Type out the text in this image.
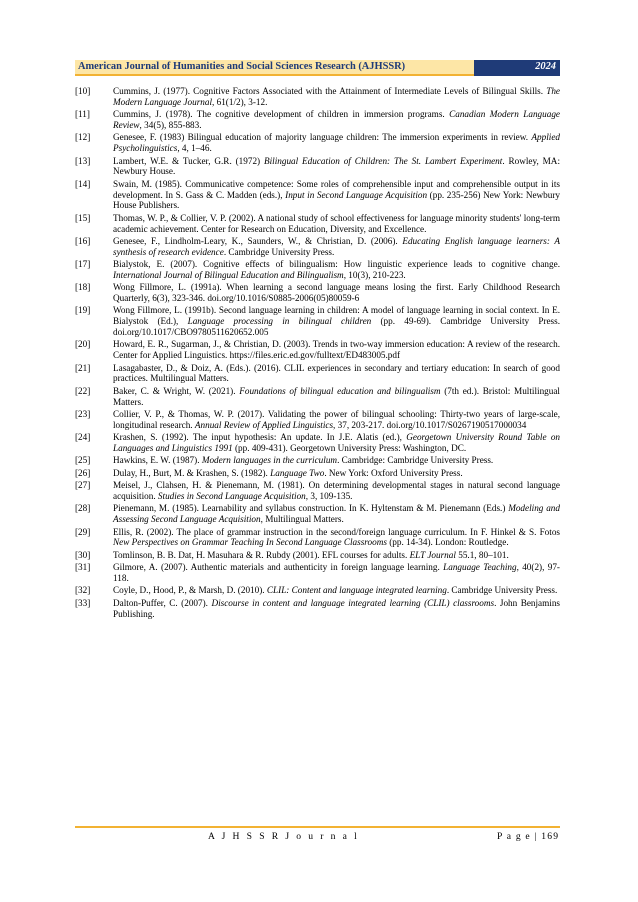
American Journal of Humanities and Social Sciences Research (AJHSSR)	2024
[10]	Cummins, J. (1977). Cognitive Factors Associated with the Attainment of Intermediate Levels of Bilingual Skills. The Modern Language Journal, 61(1/2), 3-12.
[11]	Cummins, J. (1978). The cognitive development of children in immersion programs. Canadian Modern Language Review, 34(5), 855-883.
[12]	Genesee, F. (1983) Bilingual education of majority language children: The immersion experiments in review. Applied Psycholinguistics, 4, 1–46.
[13]	Lambert, W.E. & Tucker, G.R. (1972) Bilingual Education of Children: The St. Lambert Experiment. Rowley, MA: Newbury House.
[14]	Swain, M. (1985). Communicative competence: Some roles of comprehensible input and comprehensible output in its development. In S. Gass & C. Madden (eds.), Input in Second Language Acquisition (pp. 235-256) New York: Newbury House Publishers.
[15]	Thomas, W. P., & Collier, V. P. (2002). A national study of school effectiveness for language minority students' long-term academic achievement. Center for Research on Education, Diversity, and Excellence.
[16]	Genesee, F., Lindholm-Leary, K., Saunders, W., & Christian, D. (2006). Educating English language learners: A synthesis of research evidence. Cambridge University Press.
[17]	Bialystok, E. (2007). Cognitive effects of bilingualism: How linguistic experience leads to cognitive change. International Journal of Bilingual Education and Bilingualism, 10(3), 210-223.
[18]	Wong Fillmore, L. (1991a). When learning a second language means losing the first. Early Childhood Research Quarterly, 6(3), 323-346. doi.org/10.1016/S0885-2006(05)80059-6
[19]	Wong Fillmore, L. (1991b). Second language learning in children: A model of language learning in social context. In E. Bialystok (Ed.), Language processing in bilingual children (pp. 49-69). Cambridge University Press. doi.org/10.1017/CBO9780511620652.005
[20]	Howard, E. R., Sugarman, J., & Christian, D. (2003). Trends in two-way immersion education: A review of the research. Center for Applied Linguistics. https://files.eric.ed.gov/fulltext/ED483005.pdf
[21]	Lasagabaster, D., & Doiz, A. (Eds.). (2016). CLIL experiences in secondary and tertiary education: In search of good practices. Multilingual Matters.
[22]	Baker, C. & Wright, W. (2021). Foundations of bilingual education and bilingualism (7th ed.). Bristol: Multilingual Matters.
[23]	Collier, V. P., & Thomas, W. P. (2017). Validating the power of bilingual schooling: Thirty-two years of large-scale, longitudinal research. Annual Review of Applied Linguistics, 37, 203-217. doi.org/10.1017/S0267190517000034
[24]	Krashen, S. (1992). The input hypothesis: An update. In J.E. Alatis (ed.), Georgetown University Round Table on Languages and Linguistics 1991 (pp. 409-431). Georgetown University Press: Washington, DC.
[25]	Hawkins, E. W. (1987). Modern languages in the curriculum. Cambridge: Cambridge University Press.
[26]	Dulay, H., Burt, M. & Krashen, S. (1982). Language Two. New York: Oxford University Press.
[27]	Meisel, J., Clahsen, H. & Pienemann, M. (1981). On determining developmental stages in natural second language acquisition. Studies in Second Language Acquisition, 3, 109-135.
[28]	Pienemann, M. (1985). Learnability and syllabus construction. In K. Hyltenstam & M. Pienemann (Eds.) Modeling and Assessing Second Language Acquisition, Multilingual Matters.
[29]	Ellis, R. (2002). The place of grammar instruction in the second/foreign language curriculum. In F. Hinkel & S. Fotos New Perspectives on Grammar Teaching In Second Language Classrooms (pp. 14-34). London: Routledge.
[30]	Tomlinson, B. B. Dat, H. Masuhara & R. Rubdy (2001). EFL courses for adults. ELT Journal 55.1, 80–101.
[31]	Gilmore, A. (2007). Authentic materials and authenticity in foreign language learning. Language Teaching, 40(2), 97-118.
[32]	Coyle, D., Hood, P., & Marsh, D. (2010). CLIL: Content and language integrated learning. Cambridge University Press.
[33]	Dalton-Puffer, C. (2007). Discourse in content and language integrated learning (CLIL) classrooms. John Benjamins Publishing.
A J H S S R J o u r n a l	P a g e | 169
